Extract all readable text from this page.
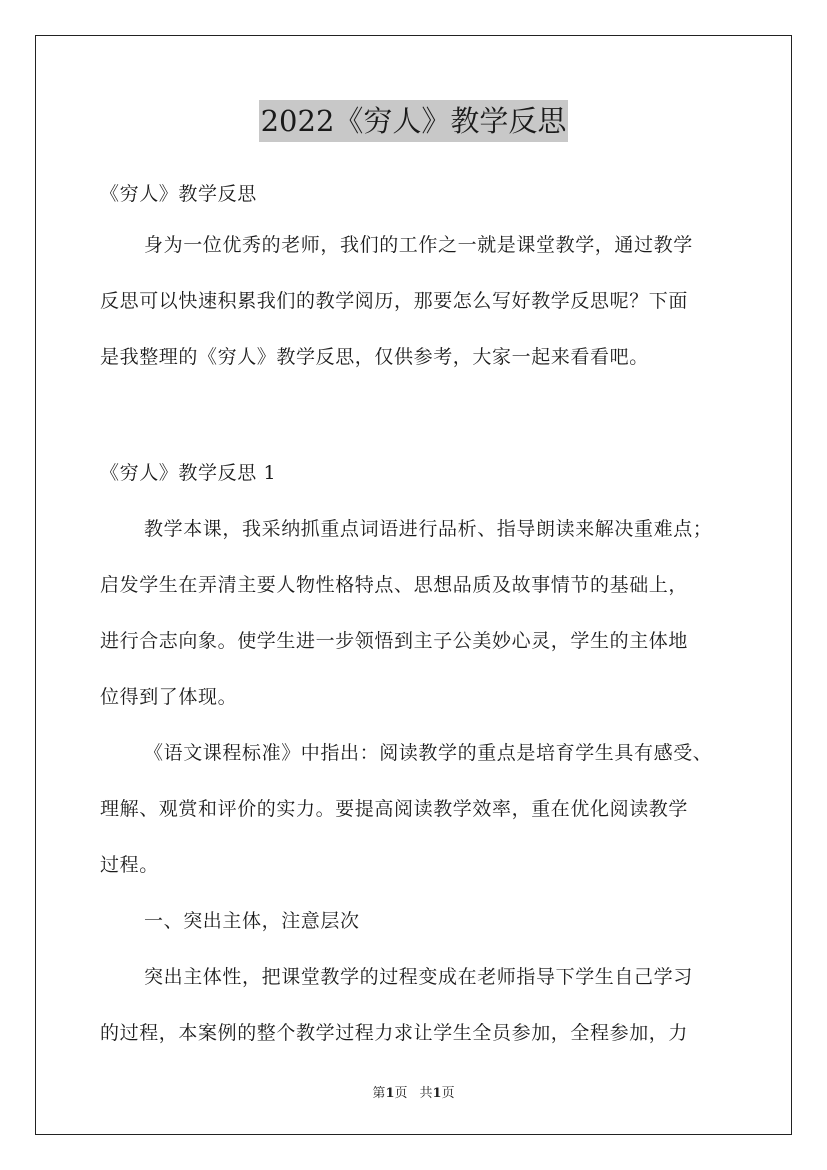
2022《穷人》教学反思
《穷人》教学反思
身为一位优秀的老师，我们的工作之一就是课堂教学，通过教学
反思可以快速积累我们的教学阅历，那要怎么写好教学反思呢？下面
是我整理的《穷人》教学反思，仅供参考，大家一起来看看吧。
《穷人》教学反思 1
教学本课，我采纳抓重点词语进行品析、指导朗读来解决重难点；
启发学生在弄清主要人物性格特点、思想品质及故事情节的基础上，
进行合志向象。使学生进一步领悟到主子公美妙心灵，学生的主体地
位得到了体现。
《语文课程标准》中指出：阅读教学的重点是培育学生具有感受、
理解、观赏和评价的实力。要提高阅读教学效率，重在优化阅读教学
过程。
一、突出主体，注意层次
突出主体性，把课堂教学的过程变成在老师指导下学生自己学习
的过程，本案例的整个教学过程力求让学生全员参加，全程参加，力
第1页 共1页
